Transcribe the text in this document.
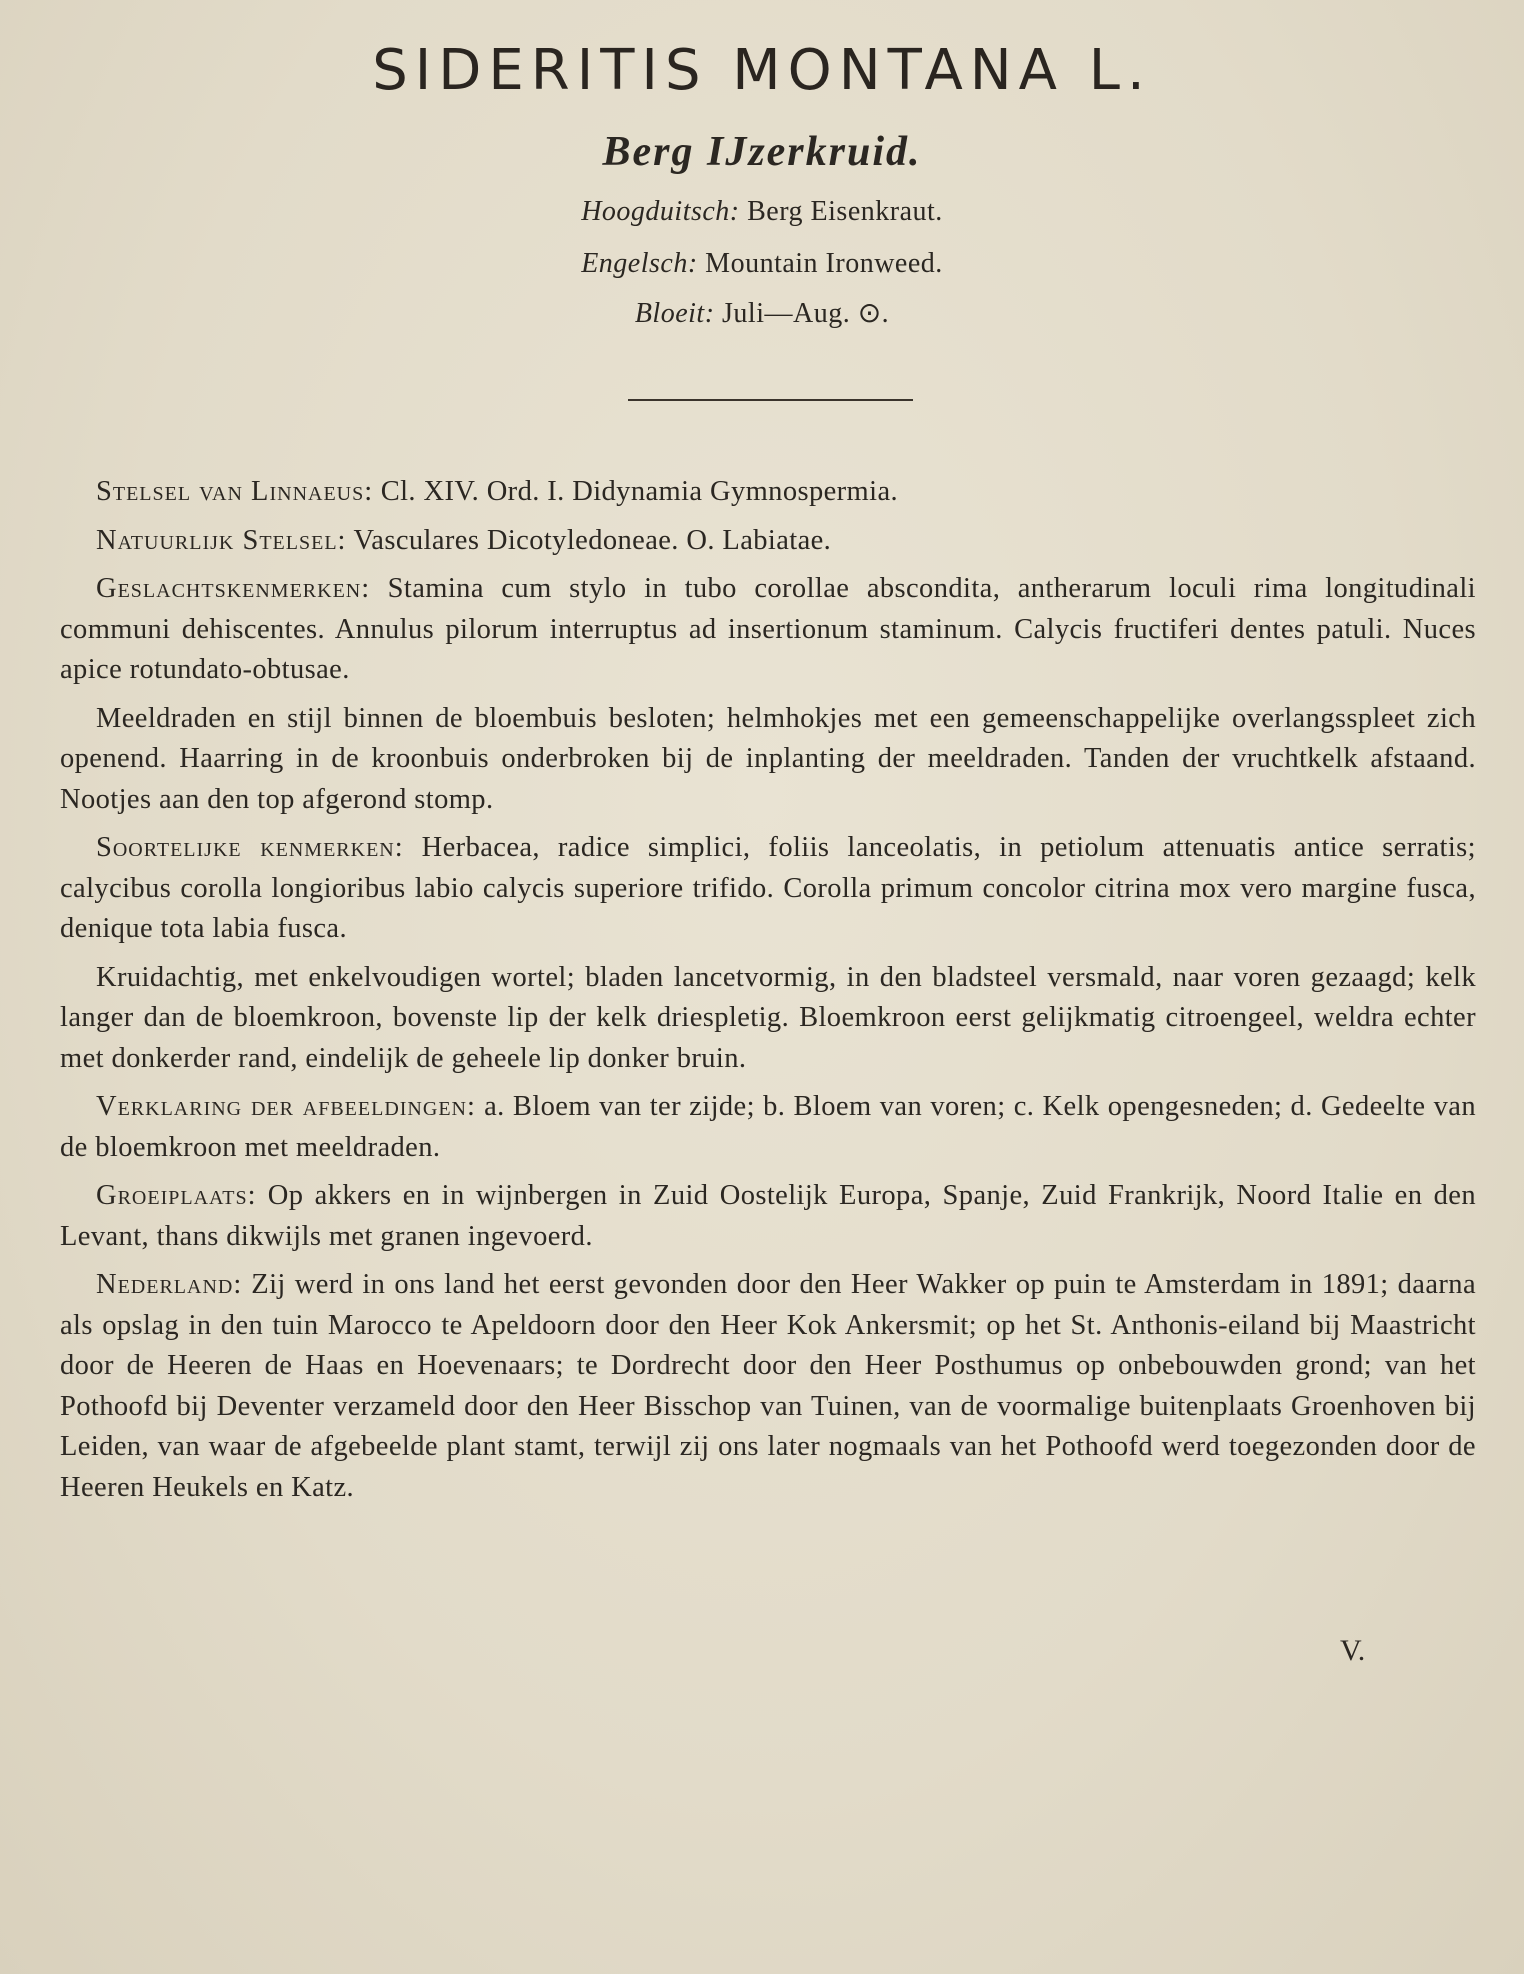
SIDERITIS MONTANA L.
Berg IJzerkruid.
Hoogduitsch: Berg Eisenkraut.
Engelsch: Mountain Ironweed.
Bloeit: Juli—Aug. ⊙.

Stelsel van Linnaeus: Cl. XIV. Ord. I. Didynamia Gymnospermia.

Natuurlijk Stelsel: Vasculares Dicotyledoneae. O. Labiatae.

Geslachtskenmerken: Stamina cum stylo in tubo corollae abscondita, antherarum loculi rima longitudinali communi dehiscentes. Annulus pilorum interruptus ad insertionum staminum. Calycis fructiferi dentes patuli. Nuces apice rotundato-obtusae.

Meeldraden en stijl binnen de bloembuis besloten; helmhokjes met een gemeenschappelijke overlangsspleet zich openend. Haarring in de kroonbuis onderbroken bij de inplanting der meeldraden. Tanden der vruchtkelk afstaand. Nootjes aan den top afgerond stomp.

Soortelijke kenmerken: Herbacea, radice simplici, foliis lanceolatis, in petiolum attenuatis antice serratis; calycibus corolla longioribus labio calycis superiore trifido. Corolla primum concolor citrina mox vero margine fusca, denique tota labia fusca.

Kruidachtig, met enkelvoudigen wortel; bladen lancetvormig, in den bladsteel versmald, naar voren gezaagd; kelk langer dan de bloemkroon, bovenste lip der kelk driespletig. Bloemkroon eerst gelijkmatig citroengeel, weldra echter met donkerder rand, eindelijk de geheele lip donker bruin.

Verklaring der afbeeldingen: a. Bloem van ter zijde; b. Bloem van voren; c. Kelk opengesneden; d. Gedeelte van de bloemkroon met meeldraden.

Groeiplaats: Op akkers en in wijnbergen in Zuid Oostelijk Europa, Spanje, Zuid Frankrijk, Noord Italie en den Levant, thans dikwijls met granen ingevoerd.

Nederland: Zij werd in ons land het eerst gevonden door den Heer Wakker op puin te Amsterdam in 1891; daarna als opslag in den tuin Marocco te Apeldoorn door den Heer Kok Ankersmit; op het St. Anthonis-eiland bij Maastricht door de Heeren de Haas en Hoevenaars; te Dordrecht door den Heer Posthumus op onbebouwden grond; van het Pothoofd bij Deventer verzameld door den Heer Bisschop van Tuinen, van de voormalige buitenplaats Groenhoven bij Leiden, van waar de afgebeelde plant stamt, terwijl zij ons later nogmaals van het Pothoofd werd toegezonden door de Heeren Heukels en Katz.

V.
